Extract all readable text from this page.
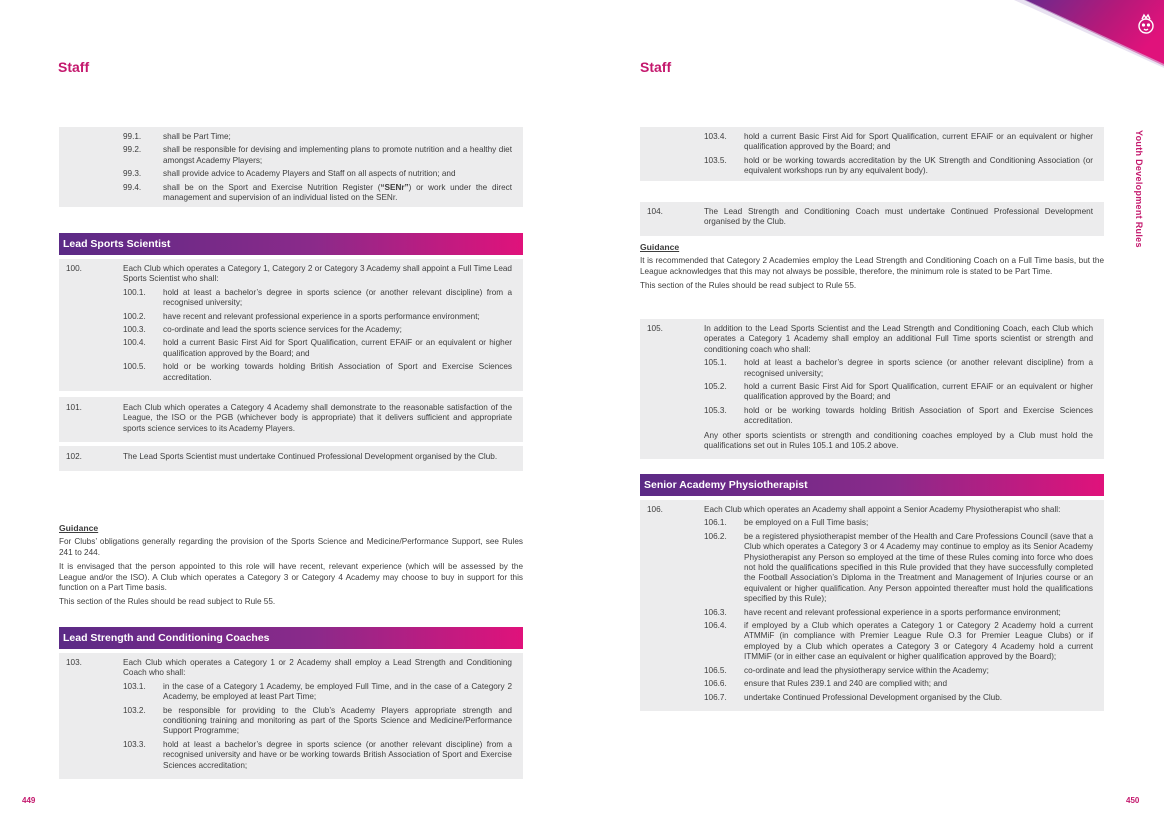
Staff
99.1.	shall be Part Time;
99.2.	shall be responsible for devising and implementing plans to promote nutrition and a healthy diet amongst Academy Players;
99.3.	shall provide advice to Academy Players and Staff on all aspects of nutrition; and
99.4.	shall be on the Sport and Exercise Nutrition Register (“SENr”) or work under the direct management and supervision of an individual listed on the SENr.
Lead Sports Scientist
100.	Each Club which operates a Category 1, Category 2 or Category 3 Academy shall appoint a Full Time Lead Sports Scientist who shall:
100.1. hold at least a bachelor’s degree in sports science (or another relevant discipline) from a recognised university;
100.2. have recent and relevant professional experience in a sports performance environment;
100.3. co-ordinate and lead the sports science services for the Academy;
100.4. hold a current Basic First Aid for Sport Qualification, current EFAiF or an equivalent or higher qualification approved by the Board; and
100.5. hold or be working towards holding British Association of Sport and Exercise Sciences accreditation.
101.	Each Club which operates a Category 4 Academy shall demonstrate to the reasonable satisfaction of the League, the ISO or the PGB (whichever body is appropriate) that it delivers sufficient and appropriate sports science services to its Academy Players.
102.	The Lead Sports Scientist must undertake Continued Professional Development organised by the Club.
Guidance

For Clubs’ obligations generally regarding the provision of the Sports Science and Medicine/Performance Support, see Rules 241 to 244.

It is envisaged that the person appointed to this role will have recent, relevant experience (which will be assessed by the League and/or the ISO). A Club which operates a Category 3 or Category 4 Academy may choose to buy in support for this function on a Part Time basis.

This section of the Rules should be read subject to Rule 55.

Lead Strength and Conditioning Coaches
103.	Each Club which operates a Category 1 or 2 Academy shall employ a Lead Strength and Conditioning Coach who shall:
103.1. in the case of a Category 1 Academy, be employed Full Time, and in the case of a Category 2 Academy, be employed at least Part Time;
103.2. be responsible for providing to the Club’s Academy Players appropriate strength and conditioning training and monitoring as part of the Sports Science and Medicine/Performance Support Programme;
103.3. hold at least a bachelor’s degree in sports science (or another relevant discipline) from a recognised university and have or be working towards British Association of Sport and Exercise Sciences accreditation;
449
Staff
103.4. hold a current Basic First Aid for Sport Qualification, current EFAiF or an equivalent or higher qualification approved by the Board; and
103.5. hold or be working towards accreditation by the UK Strength and Conditioning Association (or equivalent workshops run by any equivalent body).
104.	The Lead Strength and Conditioning Coach must undertake Continued Professional Development organised by the Club.
Guidance

It is recommended that Category 2 Academies employ the Lead Strength and Conditioning Coach on a Full Time basis, but the League acknowledges that this may not always be possible, therefore, the minimum role is stated to be Part Time.

This section of the Rules should be read subject to Rule 55.

105.	In addition to the Lead Sports Scientist and the Lead Strength and Conditioning Coach, each Club which operates a Category 1 Academy shall employ an additional Full Time sports scientist or strength and conditioning coach who shall:
105.1. hold at least a bachelor’s degree in sports science (or another relevant discipline) from a recognised university;
105.2. hold a current Basic First Aid for Sport Qualification, current EFAiF or an equivalent or higher qualification approved by the Board; and
105.3. hold or be working towards holding British Association of Sport and Exercise Sciences accreditation.
Any other sports scientists or strength and conditioning coaches employed by a Club must hold the qualifications set out in Rules 105.1 and 105.2 above.
Senior Academy Physiotherapist
106.	Each Club which operates an Academy shall appoint a Senior Academy Physiotherapist who shall:
106.1. be employed on a Full Time basis;
106.2. be a registered physiotherapist member of the Health and Care Professions Council (save that a Club which operates a Category 3 or 4 Academy may continue to employ as its Senior Academy Physiotherapist any Person so employed at the time of these Rules coming into force who does not hold the qualifications specified in this Rule provided that they have successfully completed the Football Association’s Diploma in the Treatment and Management of Injuries course or an equivalent or higher qualification. Any Person appointed thereafter must hold the qualifications specified by this Rule);
106.3. have recent and relevant professional experience in a sports performance environment;
106.4. if employed by a Club which operates a Category 1 or Category 2 Academy hold a current ATMMiF (in compliance with Premier League Rule O.3 for Premier League Clubs) or if employed by a Club which operates a Category 3 or Category 4 Academy hold a current ITMMiF (or in either case an equivalent or higher qualification approved by the Board);
106.5. co-ordinate and lead the physiotherapy service within the Academy;
106.6. ensure that Rules 239.1 and 240 are complied with; and
106.7. undertake Continued Professional Development organised by the Club.
450
Youth Development Rules
